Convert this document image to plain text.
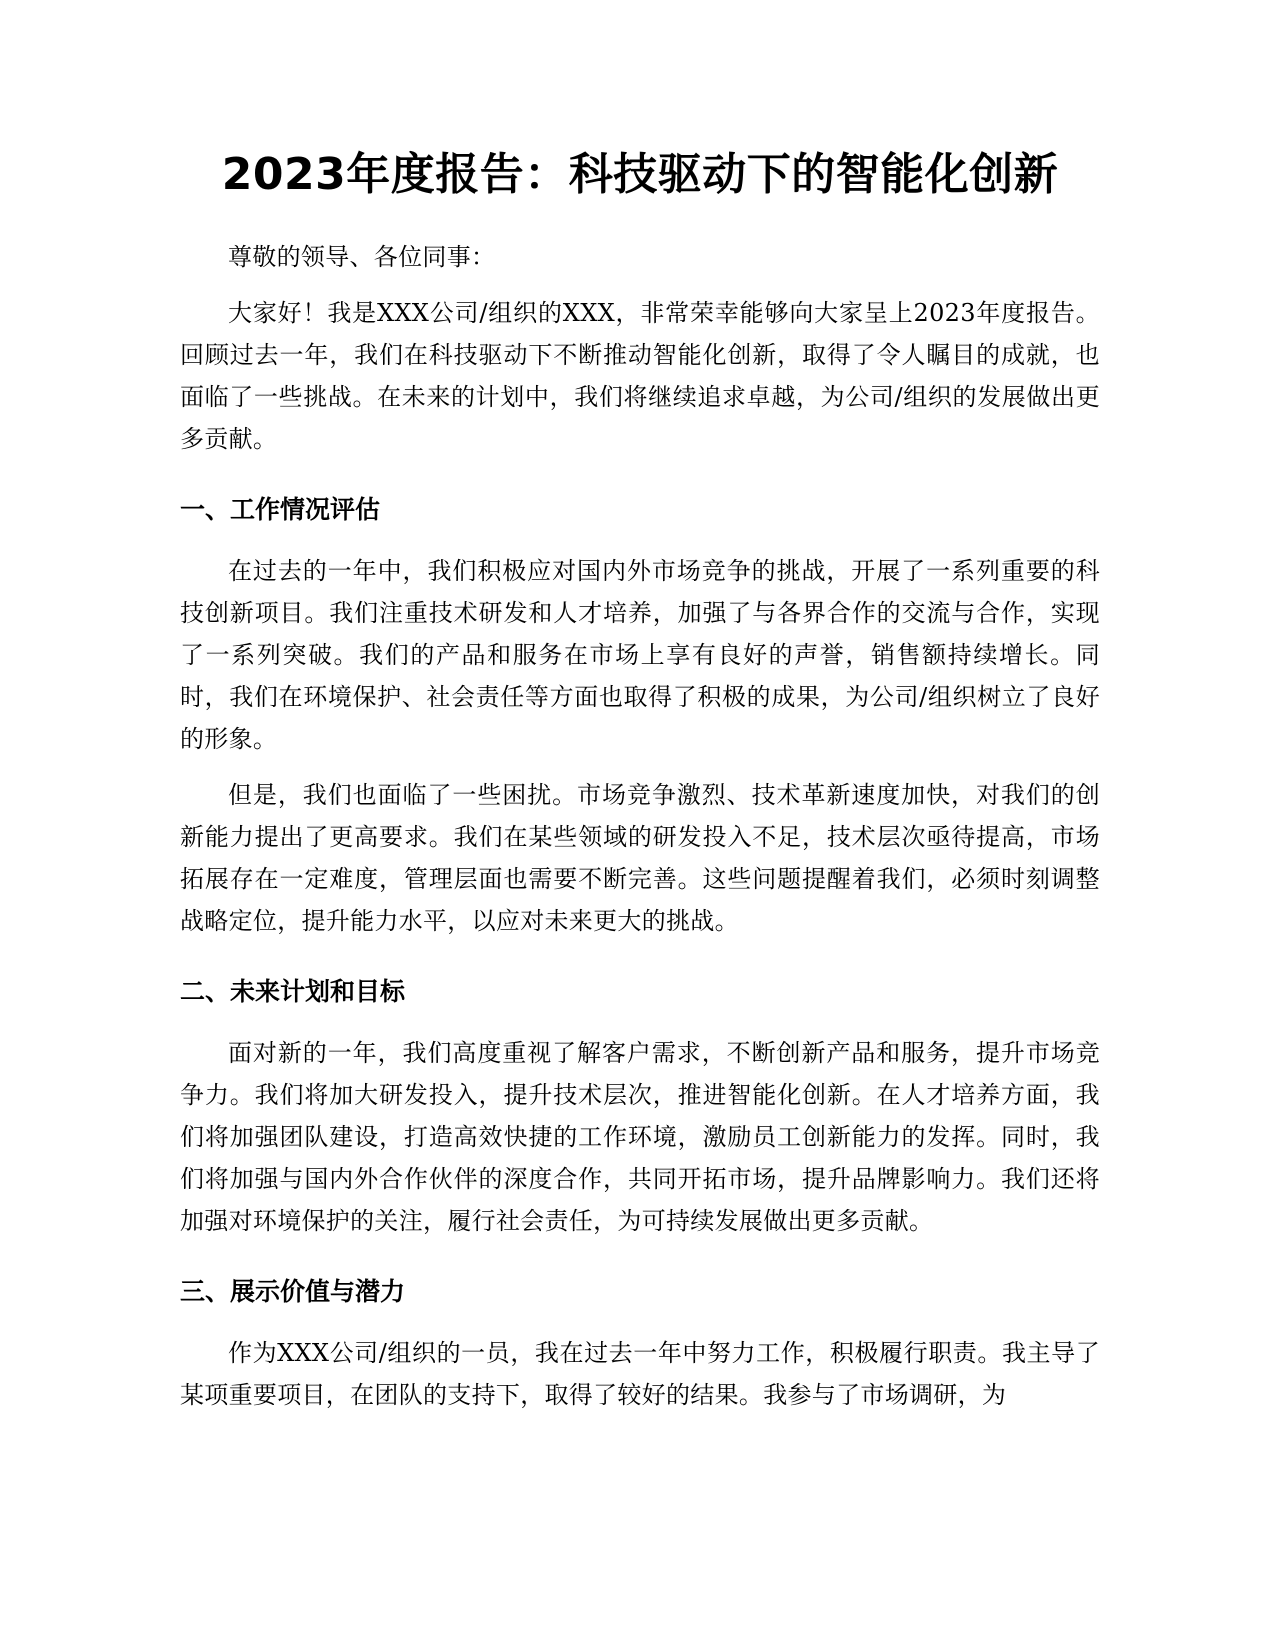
2023年度报告：科技驱动下的智能化创新

尊敬的领导、各位同事：

大家好！我是XXX公司/组织的XXX，非常荣幸能够向大家呈上2023年度报告。回顾过去一年，我们在科技驱动下不断推动智能化创新，取得了令人瞩目的成就，也面临了一些挑战。在未来的计划中，我们将继续追求卓越，为公司/组织的发展做出更多贡献。

一、工作情况评估

在过去的一年中，我们积极应对国内外市场竞争的挑战，开展了一系列重要的科技创新项目。我们注重技术研发和人才培养，加强了与各界合作的交流与合作，实现了一系列突破。我们的产品和服务在市场上享有良好的声誉，销售额持续增长。同时，我们在环境保护、社会责任等方面也取得了积极的成果，为公司/组织树立了良好的形象。

但是，我们也面临了一些困扰。市场竞争激烈、技术革新速度加快，对我们的创新能力提出了更高要求。我们在某些领域的研发投入不足，技术层次亟待提高，市场拓展存在一定难度，管理层面也需要不断完善。这些问题提醒着我们，必须时刻调整战略定位，提升能力水平，以应对未来更大的挑战。

二、未来计划和目标

面对新的一年，我们高度重视了解客户需求，不断创新产品和服务，提升市场竞争力。我们将加大研发投入，提升技术层次，推进智能化创新。在人才培养方面，我们将加强团队建设，打造高效快捷的工作环境，激励员工创新能力的发挥。同时，我们将加强与国内外合作伙伴的深度合作，共同开拓市场，提升品牌影响力。我们还将加强对环境保护的关注，履行社会责任，为可持续发展做出更多贡献。

三、展示价值与潜力

作为XXX公司/组织的一员，我在过去一年中努力工作，积极履行职责。我主导了某项重要项目，在团队的支持下，取得了较好的结果。我参与了市场调研，为
